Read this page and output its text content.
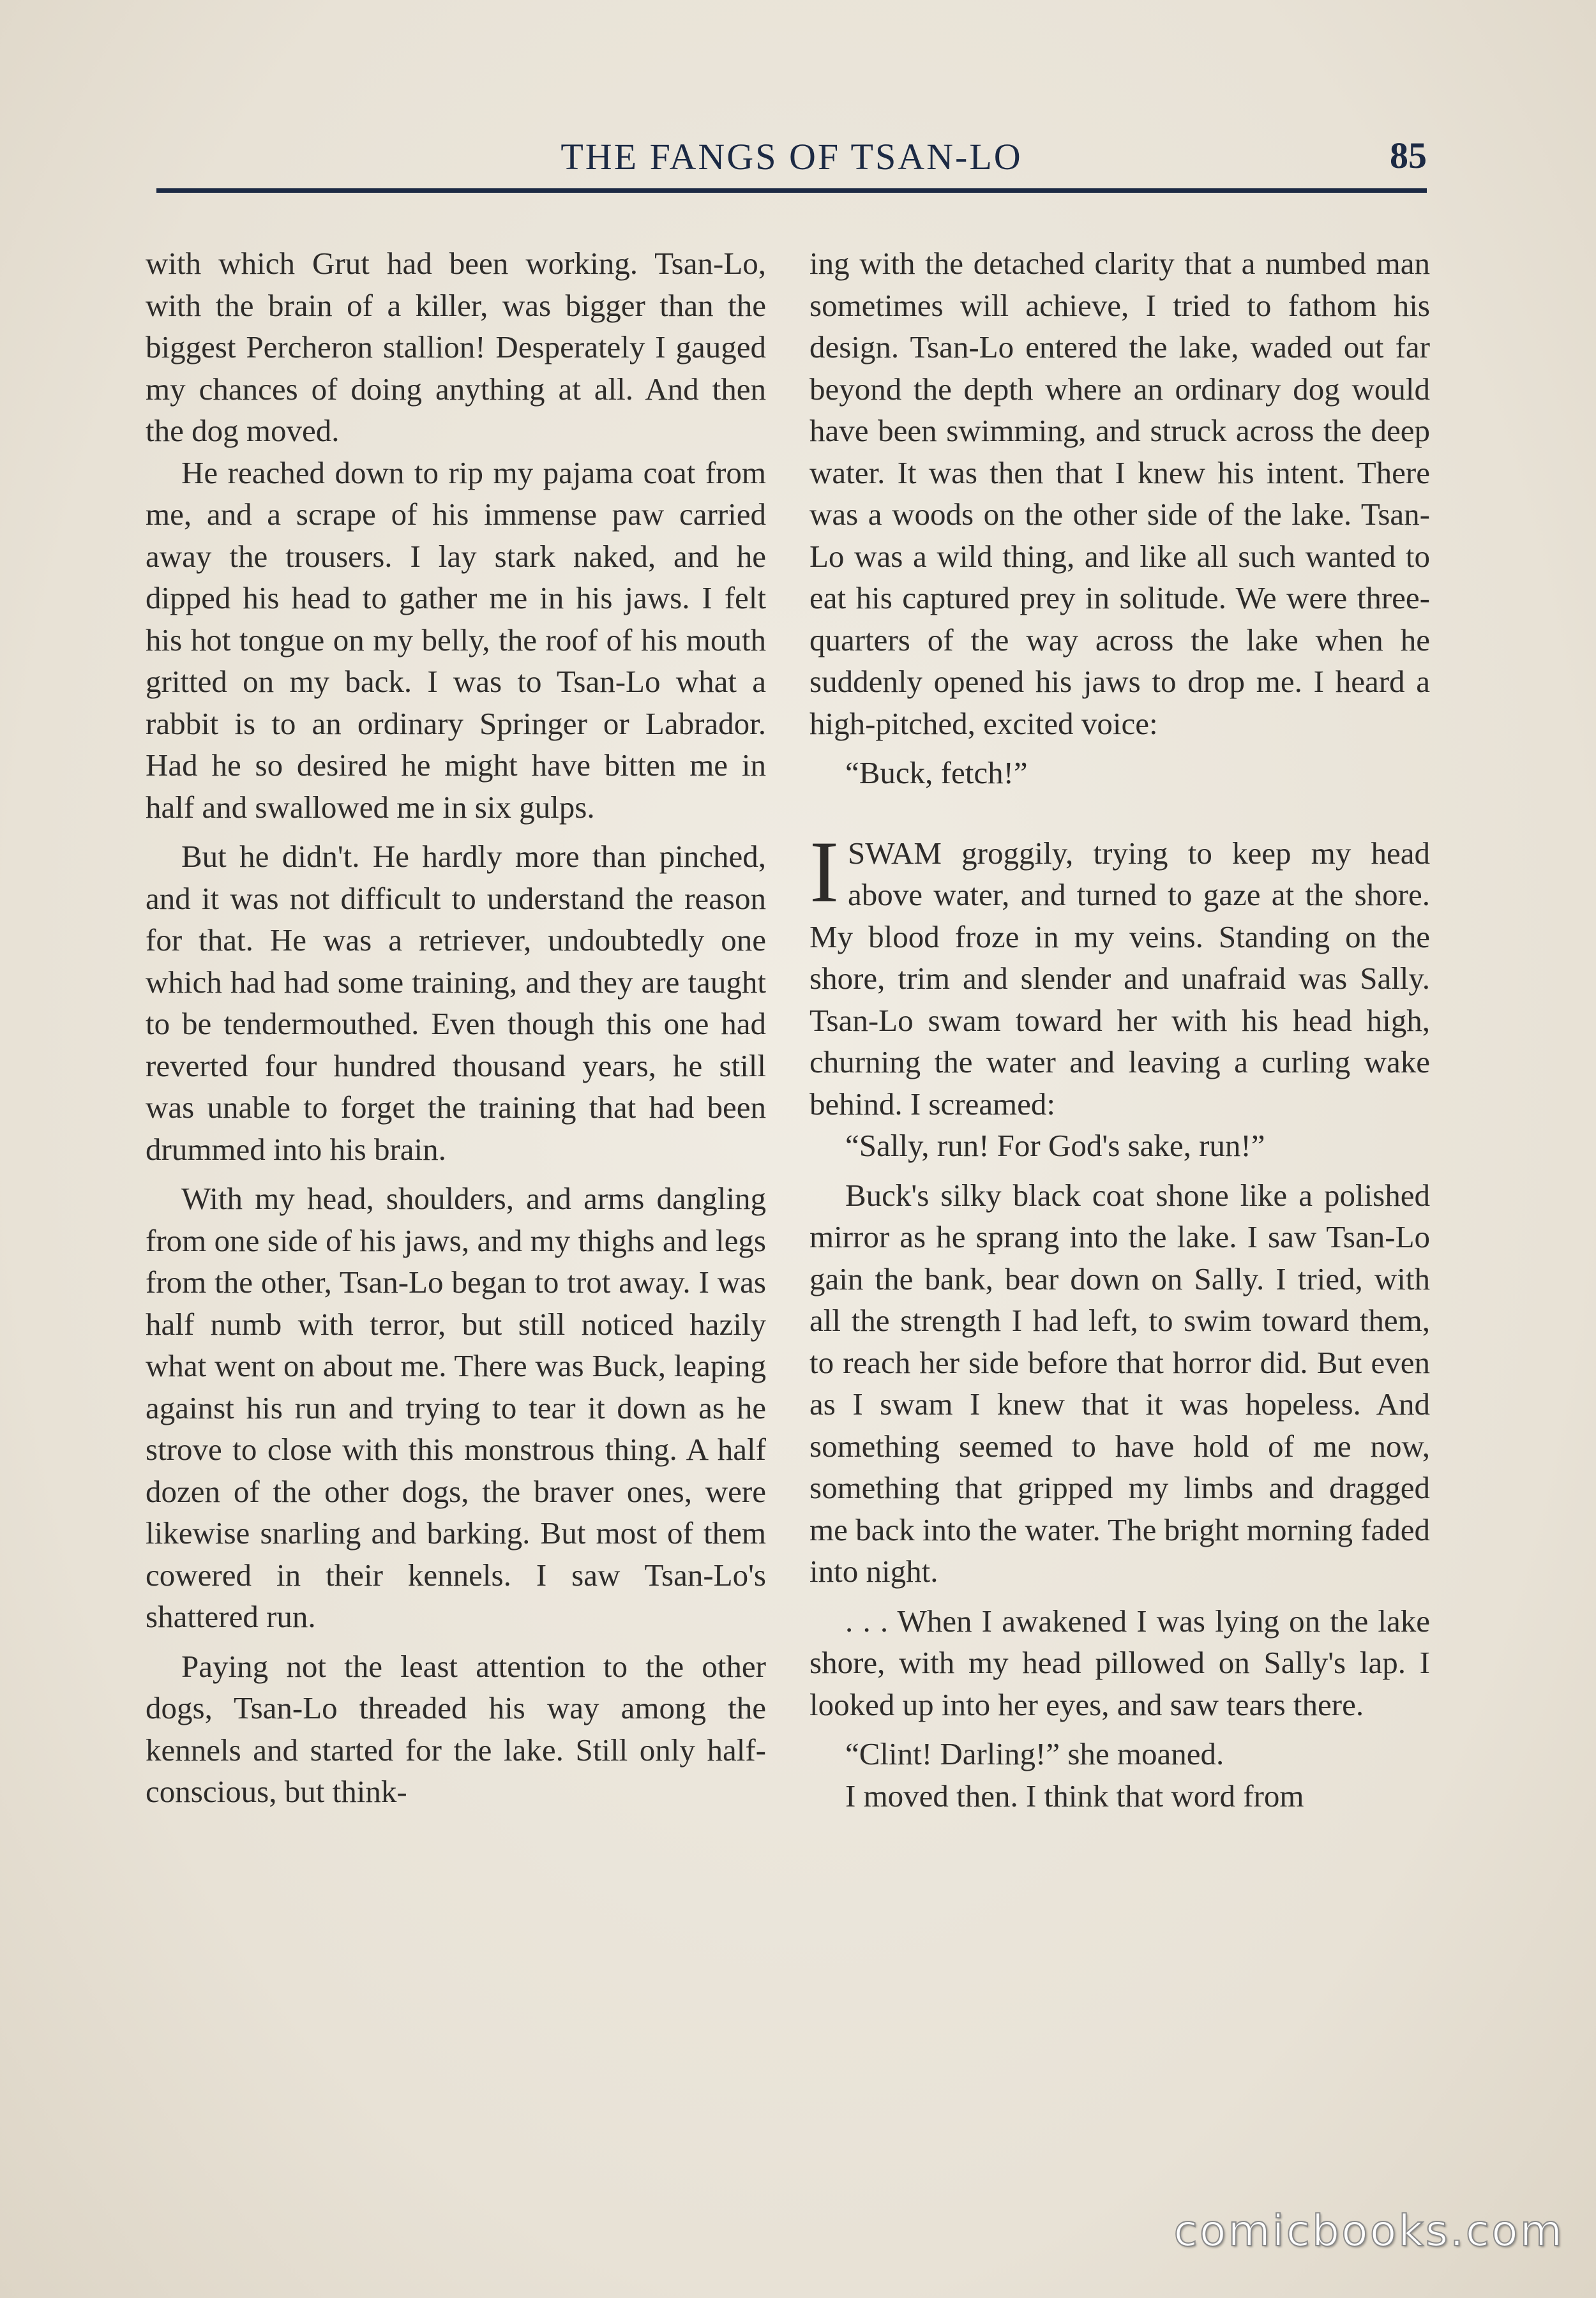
THE FANGS OF TSAN-LO	85

with which Grut had been working. Tsan-Lo, with the brain of a killer, was bigger than the biggest Percheron stallion! Desperately I gauged my chances of doing anything at all. And then the dog moved.

He reached down to rip my pajama coat from me, and a scrape of his immense paw carried away the trousers. I lay stark naked, and he dipped his head to gather me in his jaws. I felt his hot tongue on my belly, the roof of his mouth gritted on my back. I was to Tsan-Lo what a rabbit is to an ordinary Springer or Labrador. Had he so desired he might have bitten me in half and swallowed me in six gulps.

But he didn't. He hardly more than pinched, and it was not difficult to understand the reason for that. He was a retriever, undoubtedly one which had had some training, and they are taught to be tendermouthed. Even though this one had reverted four hundred thousand years, he still was unable to forget the training that had been drummed into his brain.

With my head, shoulders, and arms dangling from one side of his jaws, and my thighs and legs from the other, Tsan-Lo began to trot away. I was half numb with terror, but still noticed hazily what went on about me. There was Buck, leaping against his run and trying to tear it down as he strove to close with this monstrous thing. A half dozen of the other dogs, the braver ones, were likewise snarling and barking. But most of them cowered in their kennels. I saw Tsan-Lo's shattered run.

Paying not the least attention to the other dogs, Tsan-Lo threaded his way among the kennels and started for the lake. Still only half-conscious, but think-

ing with the detached clarity that a numbed man sometimes will achieve, I tried to fathom his design. Tsan-Lo entered the lake, waded out far beyond the depth where an ordinary dog would have been swimming, and struck across the deep water. It was then that I knew his intent. There was a woods on the other side of the lake. Tsan-Lo was a wild thing, and like all such wanted to eat his captured prey in solitude. We were three-quarters of the way across the lake when he suddenly opened his jaws to drop me. I heard a high-pitched, excited voice:

“Buck, fetch!”

ISWAM groggily, trying to keep my head above water, and turned to gaze at the shore. My blood froze in my veins. Standing on the shore, trim and slender and unafraid was Sally. Tsan-Lo swam toward her with his head high, churning the water and leaving a curling wake behind. I screamed:

“Sally, run! For God's sake, run!”

Buck's silky black coat shone like a polished mirror as he sprang into the lake. I saw Tsan-Lo gain the bank, bear down on Sally. I tried, with all the strength I had left, to swim toward them, to reach her side before that horror did. But even as I swam I knew that it was hopeless. And something seemed to have hold of me now, something that gripped my limbs and dragged me back into the water. The bright morning faded into night.

. . . When I awakened I was lying on the lake shore, with my head pillowed on Sally's lap. I looked up into her eyes, and saw tears there.

“Clint! Darling!” she moaned.

I moved then. I think that word from

comicbooks.com
